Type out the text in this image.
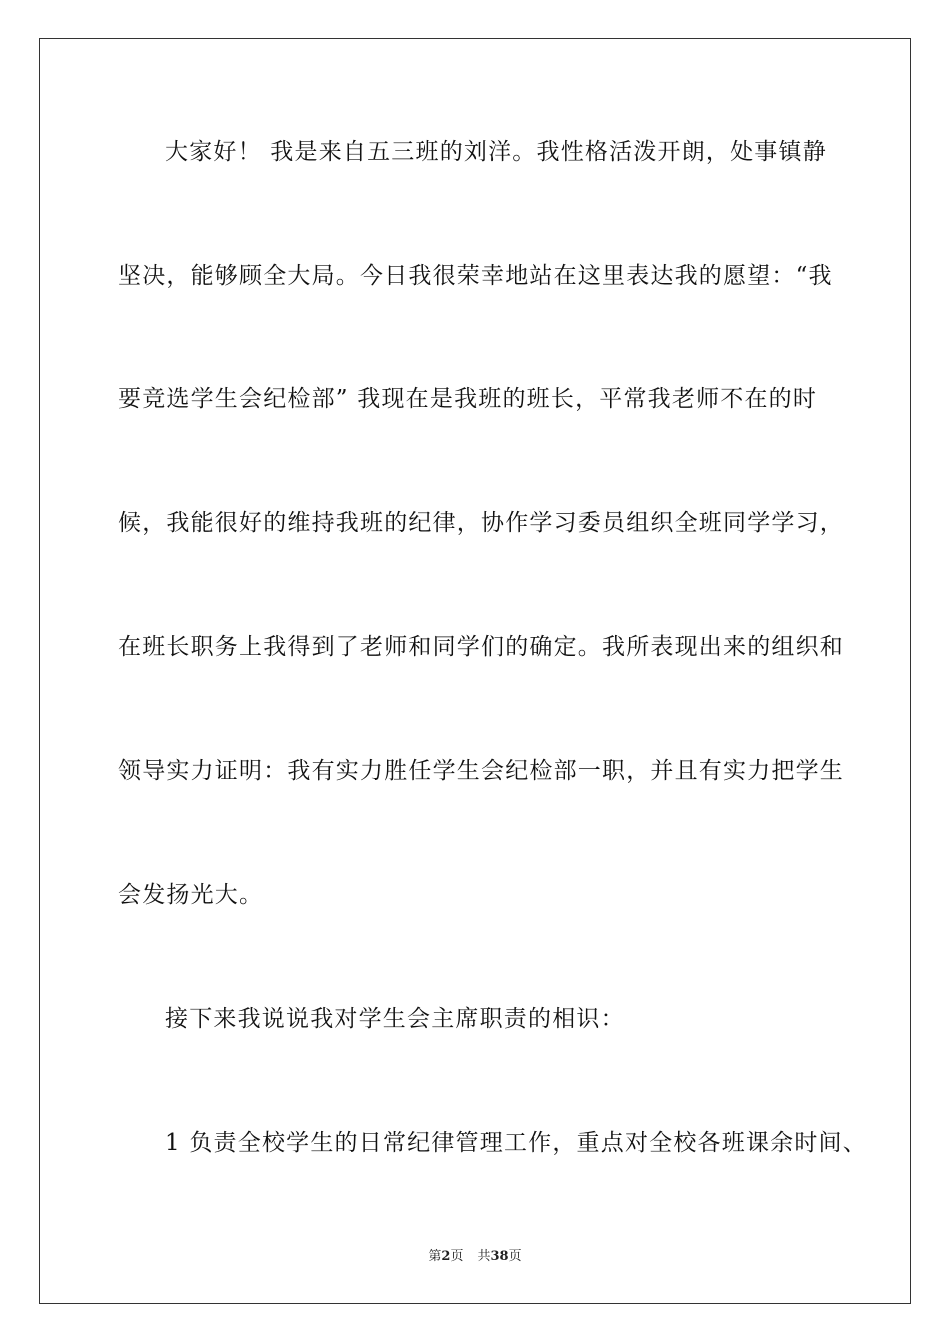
大家好！ 我是来自五三班的刘洋。我性格活泼开朗，处事镇静
坚决，能够顾全大局。今日我很荣幸地站在这里表达我的愿望：“我
要竞选学生会纪检部” 我现在是我班的班长，平常我老师不在的时
候，我能很好的维持我班的纪律，协作学习委员组织全班同学学习，
在班长职务上我得到了老师和同学们的确定。我所表现出来的组织和
领导实力证明：我有实力胜任学生会纪检部一职，并且有实力把学生
会发扬光大。
接下来我说说我对学生会主席职责的相识：
1 负责全校学生的日常纪律管理工作，重点对全校各班课余时间、
第2页 共38页
